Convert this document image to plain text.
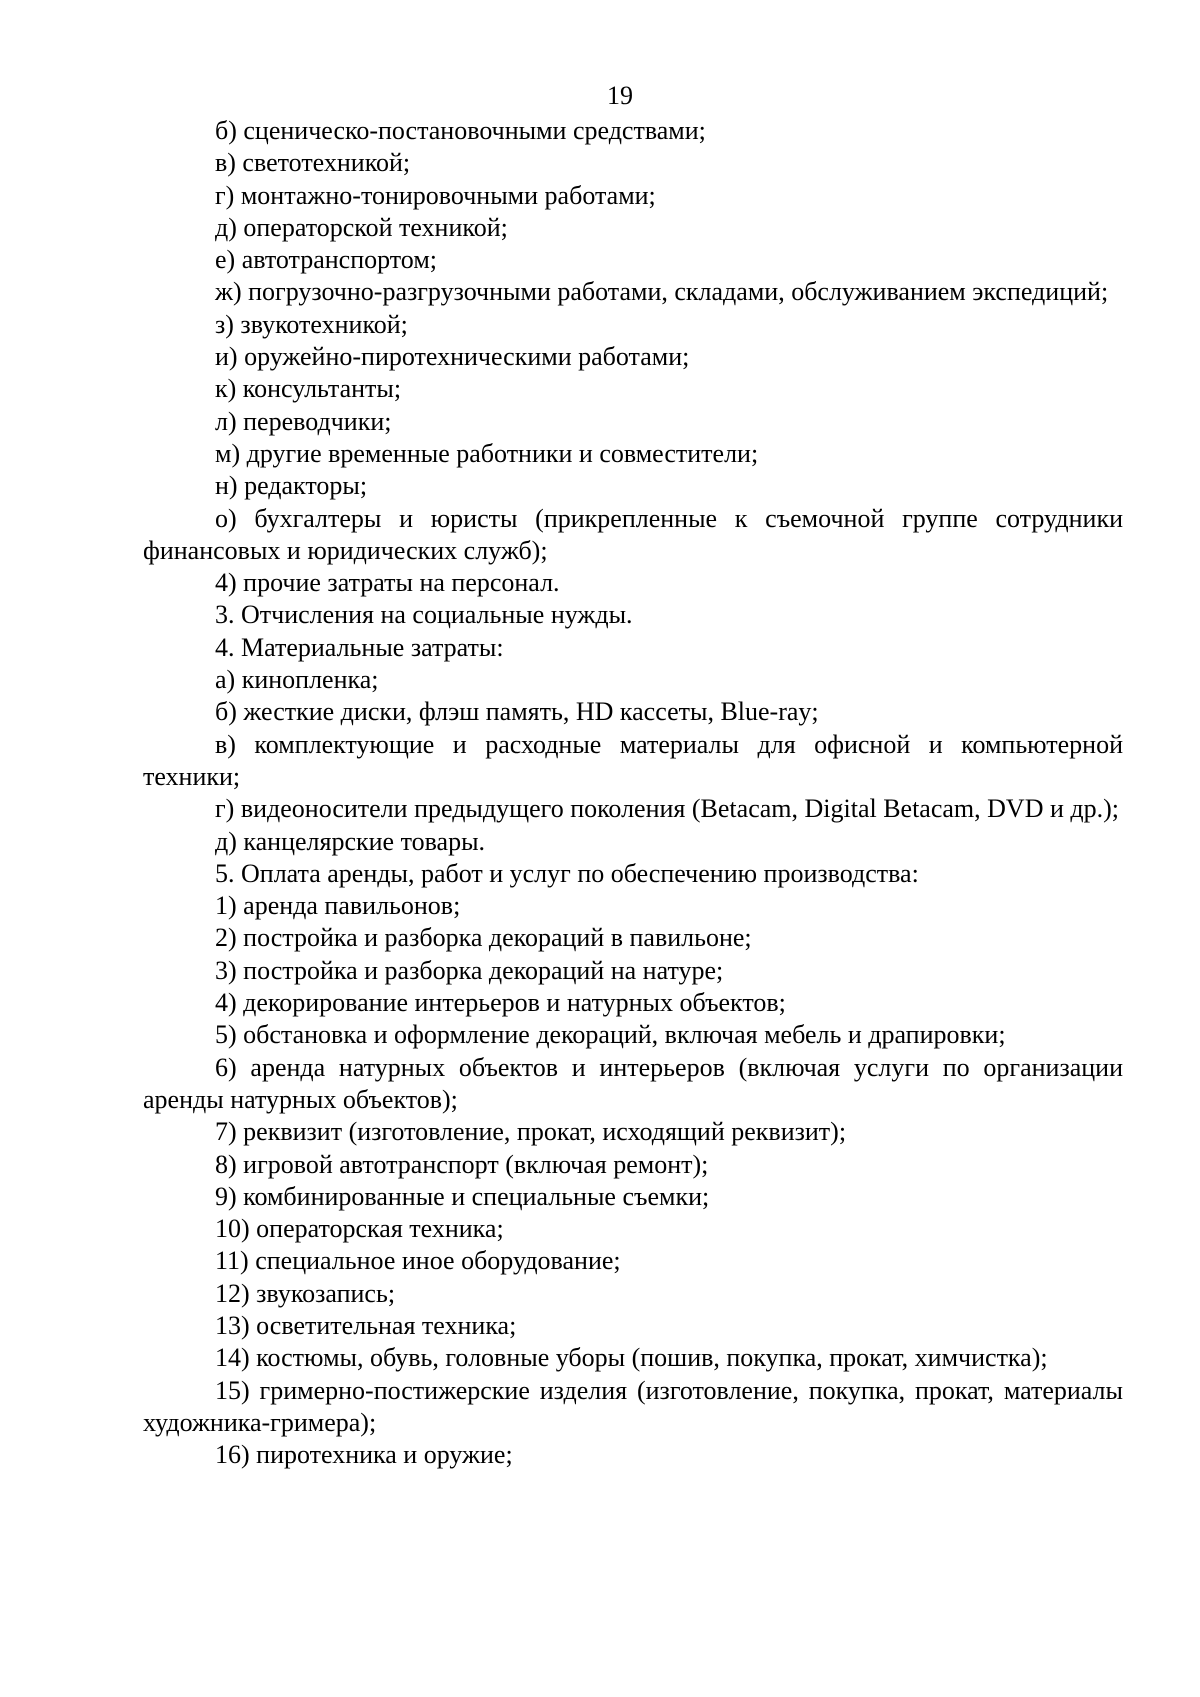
19

б) сценическо-постановочными средствами;

в) светотехникой;

г) монтажно-тонировочными работами;

д) операторской техникой;

е) автотранспортом;

ж) погрузочно-разгрузочными работами, складами, обслуживанием экспедиций;

з) звукотехникой;

и) оружейно-пиротехническими работами;

к) консультанты;

л) переводчики;

м) другие временные работники и совместители;

н) редакторы;

о) бухгалтеры и юристы (прикрепленные к съемочной группе сотрудники финансовых и юридических служб);

4) прочие затраты на персонал.

3. Отчисления на социальные нужды.

4. Материальные затраты:

а) кинопленка;

б) жесткие диски, флэш память, HD кассеты, Blue-ray;

в) комплектующие и расходные материалы для офисной и компьютерной техники;

г) видеоносители предыдущего поколения (Betacam, Digital Betacam, DVD и др.);

д) канцелярские товары.

5. Оплата аренды, работ и услуг по обеспечению производства:

1) аренда павильонов;

2) постройка и разборка декораций в павильоне;

3) постройка и разборка декораций на натуре;

4) декорирование интерьеров и натурных объектов;

5) обстановка и оформление декораций, включая мебель и драпировки;

6) аренда натурных объектов и интерьеров (включая услуги по организации аренды натурных объектов);

7) реквизит (изготовление, прокат, исходящий реквизит);

8) игровой автотранспорт (включая ремонт);

9) комбинированные и специальные съемки;

10) операторская техника;

11) специальное иное оборудование;

12) звукозапись;

13) осветительная техника;

14) костюмы, обувь, головные уборы (пошив, покупка, прокат, химчистка);

15) гримерно-постижерские изделия (изготовление, покупка, прокат, материалы художника-гримера);

16) пиротехника и оружие;
